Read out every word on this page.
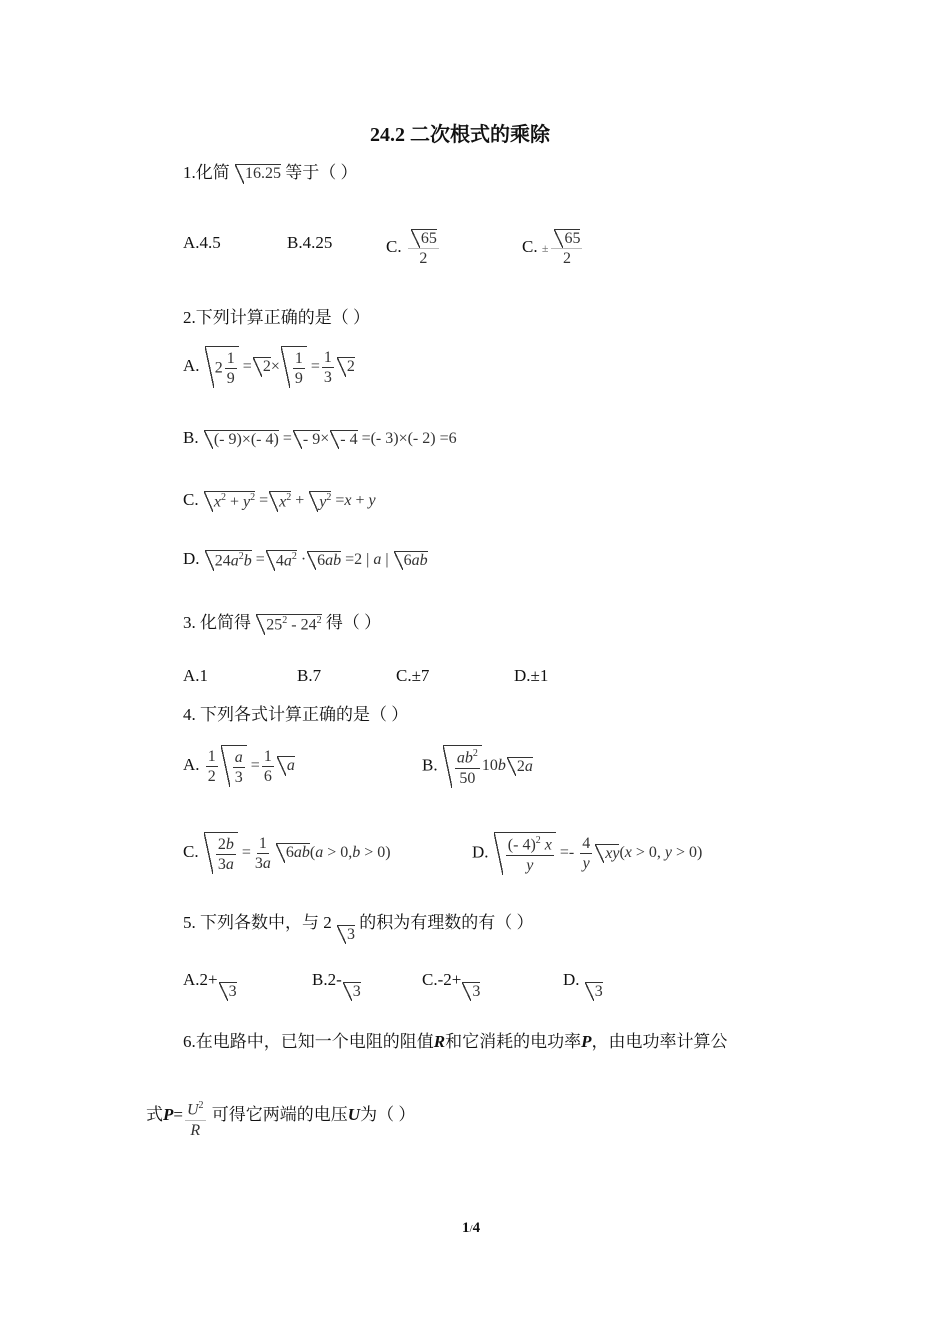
24.2 二次根式的乘除
1.化简 16.25 等于（ ）
A.4.5	B.4.25	C. $\frac{65}{2}$	C. ± $\frac{65}{2}$
2.下列计算正确的是（ ）
A. $2 \frac{1}{9} = 2\times \frac{1}{9} = \frac{1}{3} 2$
B. (- 9)×(- 4) = - 9× - 4 =(- 3)×(- 2) =6
C. $x^2 + y^2 = x^2 + y^2 =x + y$
D. $24a^2b = 4a^2 \cdot 6ab =2$ | a | 6ab
3. 化简得 $25^2 - 24^2$ 得（ ）
A.1	B.7	C.±7	D.±1
4. 下列各式计算正确的是（ ）
A. $\frac{1}{2} \frac{a}{3} = \frac{1}{6}$ a	B. $\frac{ab^2}{50} 10b$ 2a
C. $\frac{2b}{3a} = \frac{1}{3a} 6ab(a > 0,b > 0)$	D. $\frac{(- 4)^2 x}{y} =- \frac{4}{y} xy(x > 0$, y > 0)
5. 下列各数中，与 2 3 的积为有理数的有（ ）
A.2+3
B.2-3
C.-2+3
D. 3
6.在电路中，已知一个电阻的阻值R和它消耗的电功率P，由电功率计算公
式$P= \frac{U^2}{R}$ 可得它两端的电压U为（ ）
1/4
